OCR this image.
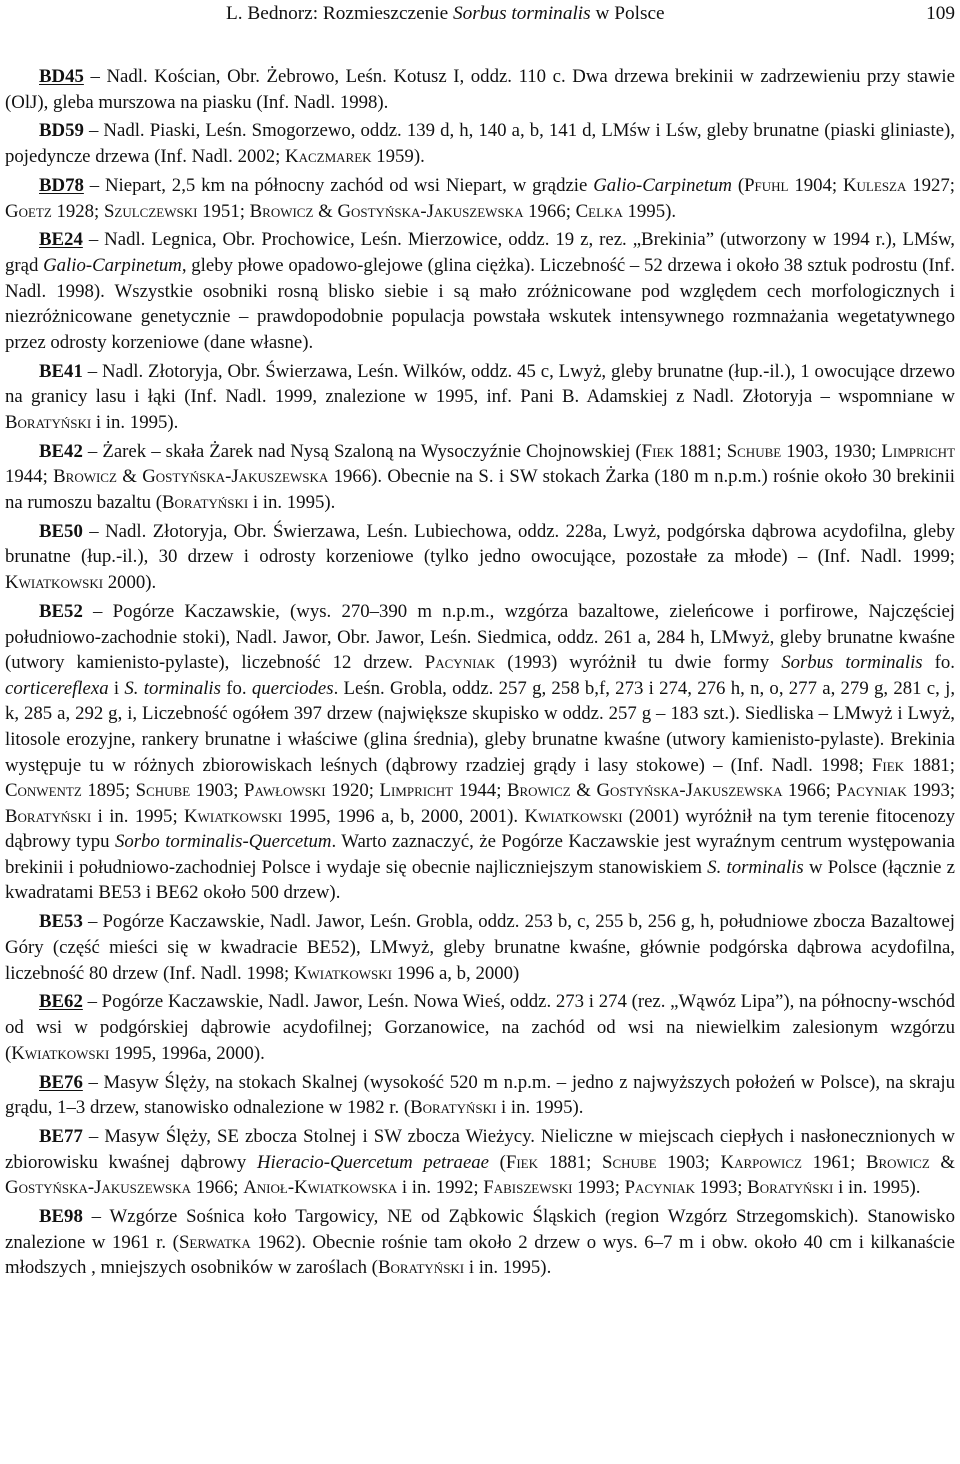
L. Bednorz: Rozmieszczenie Sorbus torminalis w Polsce	109

BD45 – Nadl. Kościan, Obr. Żebrowo, Leśn. Kotusz I, oddz. 110 c. Dwa drzewa brekinii w zadrzewieniu przy stawie (OlJ), gleba murszowa na piasku (Inf. Nadl. 1998).

BD59 – Nadl. Piaski, Leśn. Smogorzewo, oddz. 139 d, h, 140 a, b, 141 d, LMśw i Lśw, gleby brunatne (piaski gliniaste), pojedyncze drzewa (Inf. Nadl. 2002; Kaczmarek 1959).

BD78 – Niepart, 2,5 km na północny zachód od wsi Niepart, w grądzie Galio-Carpinetum (Pfuhl 1904; Kulesza 1927; Goetz 1928; Szulczewski 1951; Browicz & Gostyńska-Jakuszewska 1966; Celka 1995).

BE24 – Nadl. Legnica, Obr. Prochowice, Leśn. Mierzowice, oddz. 19 z, rez. „Brekinia” (utworzony w 1994 r.), LMśw, grąd Galio-Carpinetum, gleby płowe opadowo-glejowe (glina ciężka). Liczebność – 52 drzewa i około 38 sztuk podrostu (Inf. Nadl. 1998). Wszystkie osobniki rosną blisko siebie i są mało zróżnicowane pod względem cech morfologicznych i niezróżnicowane genetycznie – prawdopodobnie populacja powstała wskutek intensywnego rozmnażania wegetatywnego przez odrosty korzeniowe (dane własne).

BE41 – Nadl. Złotoryja, Obr. Świerzawa, Leśn. Wilków, oddz. 45 c, Lwyż, gleby brunatne (łup.-il.), 1 owocujące drzewo na granicy lasu i łąki (Inf. Nadl. 1999, znalezione w 1995, inf. Pani B. Adamskiej z Nadl. Złotoryja – wspomniane w Boratyński i in. 1995).

BE42 – Żarek – skała Żarek nad Nysą Szaloną na Wysoczyźnie Chojnowskiej (Fiek 1881; Schube 1903, 1930; Limpricht 1944; Browicz & Gostyńska-Jakuszewska 1966). Obecnie na S. i SW stokach Żarka (180 m n.p.m.) rośnie około 30 brekinii na rumoszu bazaltu (Boratyński i in. 1995).

BE50 – Nadl. Złotoryja, Obr. Świerzawa, Leśn. Lubiechowa, oddz. 228a, Lwyż, podgórska dąbrowa acydofilna, gleby brunatne (łup.-il.), 30 drzew i odrosty korzeniowe (tylko jedno owocujące, pozostałe za młode) – (Inf. Nadl. 1999; Kwiatkowski 2000).

BE52 – Pogórze Kaczawskie, (wys. 270–390 m n.p.m., wzgórza bazaltowe, zieleńcowe i porfirowe, Najczęściej południowo-zachodnie stoki), Nadl. Jawor, Obr. Jawor, Leśn. Siedmica, oddz. 261 a, 284 h, LMwyż, gleby brunatne kwaśne (utwory kamienisto-pylaste), liczebność 12 drzew. Pacyniak (1993) wyróżnił tu dwie formy Sorbus torminalis fo. corticereflexa i S. torminalis fo. querciodes. Leśn. Grobla, oddz. 257 g, 258 b,f, 273 i 274, 276 h, n, o, 277 a, 279 g, 281 c, j, k, 285 a, 292 g, i, Liczebność ogółem 397 drzew (największe skupisko w oddz. 257 g – 183 szt.). Siedliska – LMwyż i Lwyż, litosole erozyjne, rankery brunatne i właściwe (glina średnia), gleby brunatne kwaśne (utwory kamienisto-pylaste). Brekinia występuje tu w różnych zbiorowiskach leśnych (dąbrowy rzadziej grądy i lasy stokowe) – (Inf. Nadl. 1998; Fiek 1881; Conwentz 1895; Schube 1903; Pawłowski 1920; Limpricht 1944; Browicz & Gostyńska-Jakuszewska 1966; Pacyniak 1993; Boratyński i in. 1995; Kwiatkowski 1995, 1996 a, b, 2000, 2001). Kwiatkowski (2001) wyróżnił na tym terenie fitocenozy dąbrowy typu Sorbo torminalis-Quercetum. Warto zaznaczyć, że Pogórze Kaczawskie jest wyraźnym centrum występowania brekinii i południowo-zachodniej Polsce i wydaje się obecnie najliczniejszym stanowiskiem S. torminalis w Polsce (łącznie z kwadratami BE53 i BE62 około 500 drzew).

BE53 – Pogórze Kaczawskie, Nadl. Jawor, Leśn. Grobla, oddz. 253 b, c, 255 b, 256 g, h, południowe zbocza Bazaltowej Góry (część mieści się w kwadracie BE52), LMwyż, gleby brunatne kwaśne, głównie podgórska dąbrowa acydofilna, liczebność 80 drzew (Inf. Nadl. 1998; Kwiatkowski 1996 a, b, 2000)

BE62 – Pogórze Kaczawskie, Nadl. Jawor, Leśn. Nowa Wieś, oddz. 273 i 274 (rez. „Wąwóz Lipa”), na północny-wschód od wsi w podgórskiej dąbrowie acydofilnej; Gorzanowice, na zachód od wsi na niewielkim zalesionym wzgórzu (Kwiatkowski 1995, 1996a, 2000).

BE76 – Masyw Ślęży, na stokach Skalnej (wysokość 520 m n.p.m. – jedno z najwyższych położeń w Polsce), na skraju grądu, 1–3 drzew, stanowisko odnalezione w 1982 r. (Boratyński i in. 1995).

BE77 – Masyw Ślęży, SE zbocza Stolnej i SW zbocza Wieżycy. Nieliczne w miejscach ciepłych i nasłonecznionych w zbiorowisku kwaśnej dąbrowy Hieracio-Quercetum petraeae (Fiek 1881; Schube 1903; Karpowicz 1961; Browicz & Gostyńska-Jakuszewska 1966; Anioł-Kwiatkowska i in. 1992; Fabiszewski 1993; Pacyniak 1993; Boratyński i in. 1995).

BE98 – Wzgórze Sośnica koło Targowicy, NE od Ząbkowic Śląskich (region Wzgórz Strzegomskich). Stanowisko znalezione w 1961 r. (Serwatka 1962). Obecnie rośnie tam około 2 drzew o wys. 6–7 m i obw. około 40 cm i kilkanaście młodszych , mniejszych osobników w zaroślach (Boratyński i in. 1995).
